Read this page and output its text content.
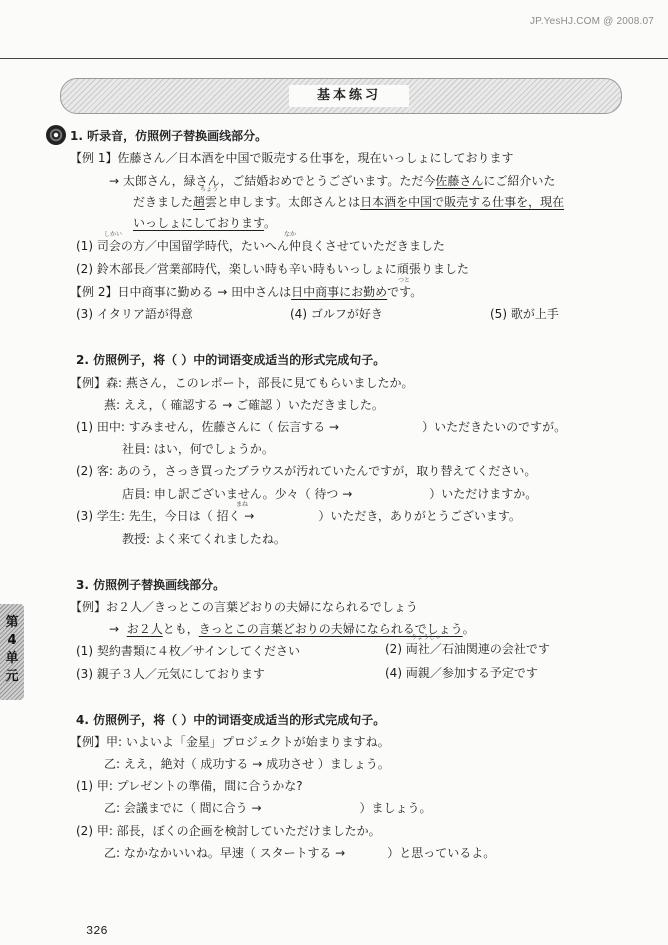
JP.YesHJ.COM @ 2008.07
基本练习
第4单元
1. 听录音，仿照例子替换画线部分。
【例 1】佐藤さん／日本酒を中国で販売する仕事を，現在いっしょにしております
→ 太郎さん，緑さん，ご結婚おめでとうございます。ただ今佐藤さんにご紹介いた
ちょう
だきました趙雲と申します。太郎さんとは日本酒を中国で販売する仕事を，現在
いっしょにしております。
しかい	なか
(1) 司会の方／中国留学時代，たいへん仲良くさせていただきました
(2) 鈴木部長／営業部時代，楽しい時も辛い時もいっしょに頑張りました
つと
【例 2】日中商事に勤める → 田中さんは日中商事にお勤めです。
(3) イタリア語が得意	(4) ゴルフが好き	(5) 歌が上手
2. 仿照例子，将（ ）中的词语变成适当的形式完成句子。
【例】森: 燕さん，このレポート，部長に見てもらいましたか。
燕: ええ，（ 確認する → ご確認 ）いただきました。
(1) 田中: すみません，佐藤さんに（ 伝言する →	）いただきたいのですが。
社員: はい，何でしょうか。
(2) 客: あのう，さっき買ったブラウスが汚れていたんですが，取り替えてください。
店員: 申し訳ございません。少々（ 待つ →	）いただけますか。
まね
(3) 学生: 先生，今日は（ 招く →	）いただき，ありがとうございます。
教授: よく来てくれましたね。
3. 仿照例子替换画线部分。
【例】お２人／きっとこの言葉どおりの夫婦になられるでしょう
→ お２人とも，きっとこの言葉どおりの夫婦になられるでしょう。
(1) 契約書類に４枚／サインしてください
りょうしゃ
(2) 両社／石油関連の会社です
(3) 親子３人／元気にしております	(4) 両親／参加する予定です
4. 仿照例子，将（ ）中的词语变成适当的形式完成句子。
【例】甲: いよいよ「金星」プロジェクトが始まりますね。
乙: ええ，絶対（ 成功する → 成功させ ）ましょう。
(1) 甲: プレゼントの準備，間に合うかな?
乙: 会議までに（ 間に合う →	）ましょう。
(2) 甲: 部長，ぼくの企画を検討していただけましたか。
乙: なかなかいいね。早速（ スタートする →	）と思っているよ。
326
